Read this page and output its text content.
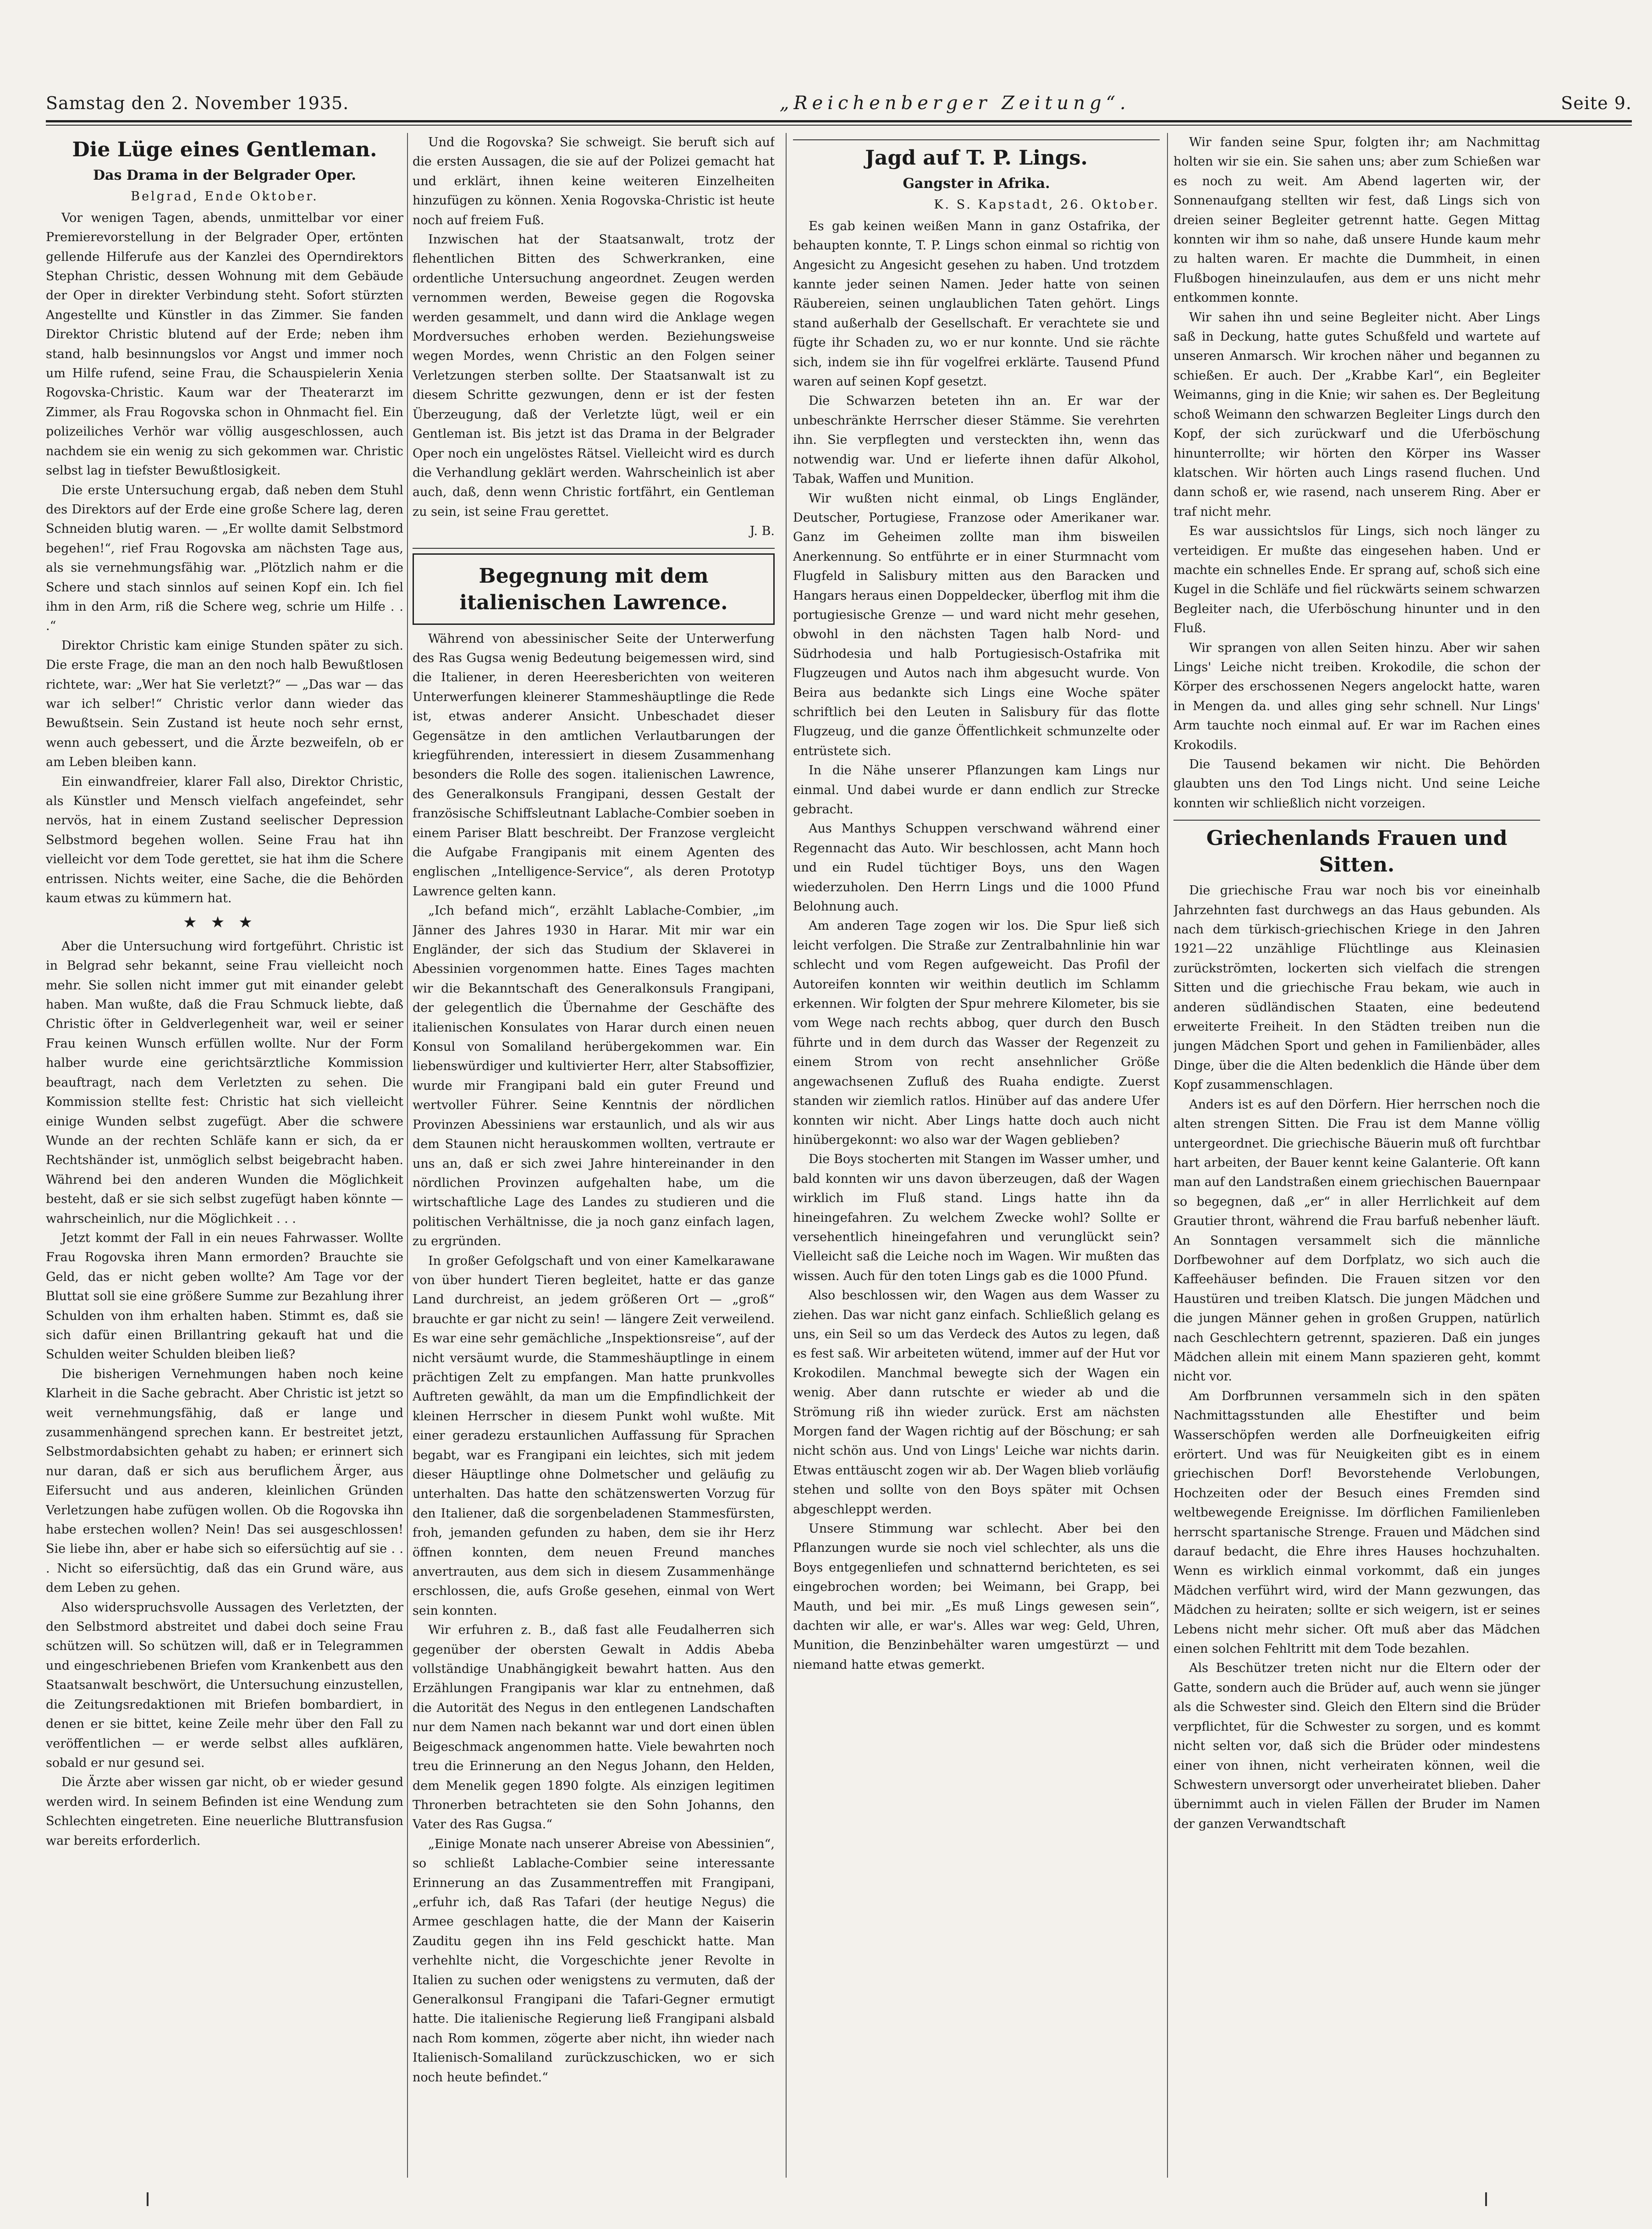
Samstag den 2. November 1935.	„Reichenberger Zeitung“.	Seite 9.
Die Lüge eines Gentleman.
Das Drama in der Belgrader Oper.
Belgrad, Ende Oktober.

Vor wenigen Tagen, abends, unmittelbar vor einer Premierevorstellung in der Belgrader Oper, ertönten gellende Hilferufe aus der Kanzlei des Operndirektors Stephan Christic, dessen Wohnung mit dem Gebäude der Oper in direkter Verbindung steht. Sofort stürzten Angestellte und Künstler in das Zimmer. Sie fanden Direktor Christic blutend auf der Erde; neben ihm stand, halb besinnungslos vor Angst und immer noch um Hilfe rufend, seine Frau, die Schauspielerin Xenia Rogovska-Christic. Kaum war der Theaterarzt im Zimmer, als Frau Rogovska schon in Ohnmacht fiel. Ein polizeiliches Verhör war völlig ausgeschlossen, auch nachdem sie ein wenig zu sich gekommen war. Christic selbst lag in tiefster Bewußtlosigkeit.

Die erste Untersuchung ergab, daß neben dem Stuhl des Direktors auf der Erde eine große Schere lag, deren Schneiden blutig waren. — „Er wollte damit Selbstmord begehen!“, rief Frau Rogovska am nächsten Tage aus, als sie vernehmungsfähig war. „Plötzlich nahm er die Schere und stach sinnlos auf seinen Kopf ein. Ich fiel ihm in den Arm, riß die Schere weg, schrie um Hilfe . . .“

Direktor Christic kam einige Stunden später zu sich. Die erste Frage, die man an den noch halb Bewußtlosen richtete, war: „Wer hat Sie verletzt?“ — „Das war — das war ich selber!“ Christic verlor dann wieder das Bewußtsein. Sein Zustand ist heute noch sehr ernst, wenn auch gebessert, und die Ärzte bezweifeln, ob er am Leben bleiben kann.

Ein einwandfreier, klarer Fall also, Direktor Christic, als Künstler und Mensch vielfach angefeindet, sehr nervös, hat in einem Zustand seelischer Depression Selbstmord begehen wollen. Seine Frau hat ihn vielleicht vor dem Tode gerettet, sie hat ihm die Schere entrissen. Nichts weiter, eine Sache, die die Behörden kaum etwas zu kümmern hat.

★★★

Aber die Untersuchung wird fortgeführt. Christic ist in Belgrad sehr bekannt, seine Frau vielleicht noch mehr. Sie sollen nicht immer gut mit einander gelebt haben. Man wußte, daß die Frau Schmuck liebte, daß Christic öfter in Geldverlegenheit war, weil er seiner Frau keinen Wunsch erfüllen wollte. Nur der Form halber wurde eine gerichtsärztliche Kommission beauftragt, nach dem Verletzten zu sehen. Die Kommission stellte fest: Christic hat sich vielleicht einige Wunden selbst zugefügt. Aber die schwere Wunde an der rechten Schläfe kann er sich, da er Rechtshänder ist, unmöglich selbst beigebracht haben. Während bei den anderen Wunden die Möglichkeit besteht, daß er sie sich selbst zugefügt haben könnte — wahrscheinlich, nur die Möglichkeit . . .

Jetzt kommt der Fall in ein neues Fahrwasser. Wollte Frau Rogovska ihren Mann ermorden? Brauchte sie Geld, das er nicht geben wollte? Am Tage vor der Bluttat soll sie eine größere Summe zur Bezahlung ihrer Schulden von ihm erhalten haben. Stimmt es, daß sie sich dafür einen Brillantring gekauft hat und die Schulden weiter Schulden bleiben ließ?

Die bisherigen Vernehmungen haben noch keine Klarheit in die Sache gebracht. Aber Christic ist jetzt so weit vernehmungsfähig, daß er lange und zusammenhängend sprechen kann. Er bestreitet jetzt, Selbstmordabsichten gehabt zu haben; er erinnert sich nur daran, daß er sich aus beruflichem Ärger, aus Eifersucht und aus anderen, kleinlichen Gründen Verletzungen habe zufügen wollen. Ob die Rogovska ihn habe erstechen wollen? Nein! Das sei ausgeschlossen! Sie liebe ihn, aber er habe sich so eifersüchtig auf sie . . . Nicht so eifersüchtig, daß das ein Grund wäre, aus dem Leben zu gehen.

Also widerspruchsvolle Aussagen des Verletzten, der den Selbstmord abstreitet und dabei doch seine Frau schützen will. So schützen will, daß er in Telegrammen und eingeschriebenen Briefen vom Krankenbett aus den Staatsanwalt beschwört, die Untersuchung einzustellen, die Zeitungsredaktionen mit Briefen bombardiert, in denen er sie bittet, keine Zeile mehr über den Fall zu veröffentlichen — er werde selbst alles aufklären, sobald er nur gesund sei.

Die Ärzte aber wissen gar nicht, ob er wieder gesund werden wird. In seinem Befinden ist eine Wendung zum Schlechten eingetreten. Eine neuerliche Bluttransfusion war bereits erforderlich.

Und die Rogovska? Sie schweigt. Sie beruft sich auf die ersten Aussagen, die sie auf der Polizei gemacht hat und erklärt, ihnen keine weiteren Einzelheiten hinzufügen zu können. Xenia Rogovska-Christic ist heute noch auf freiem Fuß.

Inzwischen hat der Staatsanwalt, trotz der flehentlichen Bitten des Schwerkranken, eine ordentliche Untersuchung angeordnet. Zeugen werden vernommen werden, Beweise gegen die Rogovska werden gesammelt, und dann wird die Anklage wegen Mordversuches erhoben werden. Beziehungsweise wegen Mordes, wenn Christic an den Folgen seiner Verletzungen sterben sollte. Der Staatsanwalt ist zu diesem Schritte gezwungen, denn er ist der festen Überzeugung, daß der Verletzte lügt, weil er ein Gentleman ist. Bis jetzt ist das Drama in der Belgrader Oper noch ein ungelöstes Rätsel. Vielleicht wird es durch die Verhandlung geklärt werden. Wahrscheinlich ist aber auch, daß, denn wenn Christic fortfährt, ein Gentleman zu sein, ist seine Frau gerettet.

J. B.
Begegnung mit dem italienischen Lawrence.

Während von abessinischer Seite der Unterwerfung des Ras Gugsa wenig Bedeutung beigemessen wird, sind die Italiener, in deren Heeresberichten von weiteren Unterwerfungen kleinerer Stammeshäuptlinge die Rede ist, etwas anderer Ansicht. Unbeschadet dieser Gegensätze in den amtlichen Verlautbarungen der kriegführenden, interessiert in diesem Zusammenhang besonders die Rolle des sogen. italienischen Lawrence, des Generalkonsuls Frangipani, dessen Gestalt der französische Schiffsleutnant Lablache-Combier soeben in einem Pariser Blatt beschreibt. Der Franzose vergleicht die Aufgabe Frangipanis mit einem Agenten des englischen „Intelligence-Service“, als deren Prototyp Lawrence gelten kann.

„Ich befand mich“, erzählt Lablache-Combier, „im Jänner des Jahres 1930 in Harar. Mit mir war ein Engländer, der sich das Studium der Sklaverei in Abessinien vorgenommen hatte. Eines Tages machten wir die Bekanntschaft des Generalkonsuls Frangipani, der gelegentlich die Übernahme der Geschäfte des italienischen Konsulates von Harar durch einen neuen Konsul von Somaliland herübergekommen war. Ein liebenswürdiger und kultivierter Herr, alter Stabsoffizier, wurde mir Frangipani bald ein guter Freund und wertvoller Führer. Seine Kenntnis der nördlichen Provinzen Abessiniens war erstaunlich, und als wir aus dem Staunen nicht herauskommen wollten, vertraute er uns an, daß er sich zwei Jahre hintereinander in den nördlichen Provinzen aufgehalten habe, um die wirtschaftliche Lage des Landes zu studieren und die politischen Verhältnisse, die ja noch ganz einfach lagen, zu ergründen.

In großer Gefolgschaft und von einer Kamelkarawane von über hundert Tieren begleitet, hatte er das ganze Land durchreist, an jedem größeren Ort — „groß“ brauchte er gar nicht zu sein! — längere Zeit verweilend. Es war eine sehr gemächliche „Inspektionsreise“, auf der nicht versäumt wurde, die Stammeshäuptlinge in einem prächtigen Zelt zu empfangen. Man hatte prunkvolles Auftreten gewählt, da man um die Empfindlichkeit der kleinen Herrscher in diesem Punkt wohl wußte. Mit einer geradezu erstaunlichen Auffassung für Sprachen begabt, war es Frangipani ein leichtes, sich mit jedem dieser Häuptlinge ohne Dolmetscher und geläufig zu unterhalten. Das hatte den schätzenswerten Vorzug für den Italiener, daß die sorgenbeladenen Stammesfürsten, froh, jemanden gefunden zu haben, dem sie ihr Herz öffnen konnten, dem neuen Freund manches anvertrauten, aus dem sich in diesem Zusammenhänge erschlossen, die, aufs Große gesehen, einmal von Wert sein konnten.

Wir erfuhren z. B., daß fast alle Feudalherren sich gegenüber der obersten Gewalt in Addis Abeba vollständige Unabhängigkeit bewahrt hatten. Aus den Erzählungen Frangipanis war klar zu entnehmen, daß die Autorität des Negus in den entlegenen Landschaften nur dem Namen nach bekannt war und dort einen üblen Beigeschmack angenommen hatte. Viele bewahrten noch treu die Erinnerung an den Negus Johann, den Helden, dem Menelik gegen 1890 folgte. Als einzigen legitimen Thronerben betrachteten sie den Sohn Johanns, den Vater des Ras Gugsa.“

„Einige Monate nach unserer Abreise von Abessinien“, so schließt Lablache-Combier seine interessante Erinnerung an das Zusammentreffen mit Frangipani, „erfuhr ich, daß Ras Tafari (der heutige Negus) die Armee geschlagen hatte, die der Mann der Kaiserin Zauditu gegen ihn ins Feld geschickt hatte. Man verhehlte nicht, die Vorgeschichte jener Revolte in Italien zu suchen oder wenigstens zu vermuten, daß der Generalkonsul Frangipani die Tafari-Gegner ermutigt hatte. Die italienische Regierung ließ Frangipani alsbald nach Rom kommen, zögerte aber nicht, ihn wieder nach Italienisch-Somaliland zurückzuschicken, wo er sich noch heute befindet.“

Jagd auf T. P. Lings.
Gangster in Afrika.
K. S. Kapstadt, 26. Oktober.

Es gab keinen weißen Mann in ganz Ostafrika, der behaupten konnte, T. P. Lings schon einmal so richtig von Angesicht zu Angesicht gesehen zu haben. Und trotzdem kannte jeder seinen Namen. Jeder hatte von seinen Räubereien, seinen unglaublichen Taten gehört. Lings stand außerhalb der Gesellschaft. Er verachtete sie und fügte ihr Schaden zu, wo er nur konnte. Und sie rächte sich, indem sie ihn für vogelfrei erklärte. Tausend Pfund waren auf seinen Kopf gesetzt.

Die Schwarzen beteten ihn an. Er war der unbeschränkte Herrscher dieser Stämme. Sie verehrten ihn. Sie verpflegten und versteckten ihn, wenn das notwendig war. Und er lieferte ihnen dafür Alkohol, Tabak, Waffen und Munition.

Wir wußten nicht einmal, ob Lings Engländer, Deutscher, Portugiese, Franzose oder Amerikaner war. Ganz im Geheimen zollte man ihm bisweilen Anerkennung. So entführte er in einer Sturmnacht vom Flugfeld in Salisbury mitten aus den Baracken und Hangars heraus einen Doppeldecker, überflog mit ihm die portugiesische Grenze — und ward nicht mehr gesehen, obwohl in den nächsten Tagen halb Nord- und Südrhodesia und halb Portugiesisch-Ostafrika mit Flugzeugen und Autos nach ihm abgesucht wurde. Von Beira aus bedankte sich Lings eine Woche später schriftlich bei den Leuten in Salisbury für das flotte Flugzeug, und die ganze Öffentlichkeit schmunzelte oder entrüstete sich.

In die Nähe unserer Pflanzungen kam Lings nur einmal. Und dabei wurde er dann endlich zur Strecke gebracht.

Aus Manthys Schuppen verschwand während einer Regennacht das Auto. Wir beschlossen, acht Mann hoch und ein Rudel tüchtiger Boys, uns den Wagen wiederzuholen. Den Herrn Lings und die 1000 Pfund Belohnung auch.

Am anderen Tage zogen wir los. Die Spur ließ sich leicht verfolgen. Die Straße zur Zentralbahnlinie hin war schlecht und vom Regen aufgeweicht. Das Profil der Autoreifen konnten wir weithin deutlich im Schlamm erkennen. Wir folgten der Spur mehrere Kilometer, bis sie vom Wege nach rechts abbog, quer durch den Busch führte und in dem durch das Wasser der Regenzeit zu einem Strom von recht ansehnlicher Größe angewachsenen Zufluß des Ruaha endigte. Zuerst standen wir ziemlich ratlos. Hinüber auf das andere Ufer konnten wir nicht. Aber Lings hatte doch auch nicht hinübergekonnt: wo also war der Wagen geblieben?

Die Boys stocherten mit Stangen im Wasser umher, und bald konnten wir uns davon überzeugen, daß der Wagen wirklich im Fluß stand. Lings hatte ihn da hineingefahren. Zu welchem Zwecke wohl? Sollte er versehentlich hineingefahren und verunglückt sein? Vielleicht saß die Leiche noch im Wagen. Wir mußten das wissen. Auch für den toten Lings gab es die 1000 Pfund.

Also beschlossen wir, den Wagen aus dem Wasser zu ziehen. Das war nicht ganz einfach. Schließlich gelang es uns, ein Seil so um das Verdeck des Autos zu legen, daß es fest saß. Wir arbeiteten wütend, immer auf der Hut vor Krokodilen. Manchmal bewegte sich der Wagen ein wenig. Aber dann rutschte er wieder ab und die Strömung riß ihn wieder zurück. Erst am nächsten Morgen fand der Wagen richtig auf der Böschung; er sah nicht schön aus. Und von Lings' Leiche war nichts darin. Etwas enttäuscht zogen wir ab. Der Wagen blieb vorläufig stehen und sollte von den Boys später mit Ochsen abgeschleppt werden.

Unsere Stimmung war schlecht. Aber bei den Pflanzungen wurde sie noch viel schlechter, als uns die Boys entgegenliefen und schnatternd berichteten, es sei eingebrochen worden; bei Weimann, bei Grapp, bei Mauth, und bei mir. „Es muß Lings gewesen sein“, dachten wir alle, er war's. Alles war weg: Geld, Uhren, Munition, die Benzinbehälter waren umgestürzt — und niemand hatte etwas gemerkt.

Wir fanden seine Spur, folgten ihr; am Nachmittag holten wir sie ein. Sie sahen uns; aber zum Schießen war es noch zu weit. Am Abend lagerten wir, der Sonnenaufgang stellten wir fest, daß Lings sich von dreien seiner Begleiter getrennt hatte. Gegen Mittag konnten wir ihm so nahe, daß unsere Hunde kaum mehr zu halten waren. Er machte die Dummheit, in einen Flußbogen hineinzulaufen, aus dem er uns nicht mehr entkommen konnte.

Wir sahen ihn und seine Begleiter nicht. Aber Lings saß in Deckung, hatte gutes Schußfeld und wartete auf unseren Anmarsch. Wir krochen näher und begannen zu schießen. Er auch. Der „Krabbe Karl“, ein Begleiter Weimanns, ging in die Knie; wir sahen es. Der Begleitung schoß Weimann den schwarzen Begleiter Lings durch den Kopf, der sich zurückwarf und die Uferböschung hinunterrollte; wir hörten den Körper ins Wasser klatschen. Wir hörten auch Lings rasend fluchen. Und dann schoß er, wie rasend, nach unserem Ring. Aber er traf nicht mehr.

Es war aussichtslos für Lings, sich noch länger zu verteidigen. Er mußte das eingesehen haben. Und er machte ein schnelles Ende. Er sprang auf, schoß sich eine Kugel in die Schläfe und fiel rückwärts seinem schwarzen Begleiter nach, die Uferböschung hinunter und in den Fluß.

Wir sprangen von allen Seiten hinzu. Aber wir sahen Lings' Leiche nicht treiben. Krokodile, die schon der Körper des erschossenen Negers angelockt hatte, waren in Mengen da. und alles ging sehr schnell. Nur Lings' Arm tauchte noch einmal auf. Er war im Rachen eines Krokodils.

Die Tausend bekamen wir nicht. Die Behörden glaubten uns den Tod Lings nicht. Und seine Leiche konnten wir schließlich nicht vorzeigen.

Griechenlands Frauen und Sitten.

Die griechische Frau war noch bis vor eineinhalb Jahrzehnten fast durchwegs an das Haus gebunden. Als nach dem türkisch-griechischen Kriege in den Jahren 1921—22 unzählige Flüchtlinge aus Kleinasien zurückströmten, lockerten sich vielfach die strengen Sitten und die griechische Frau bekam, wie auch in anderen südländischen Staaten, eine bedeutend erweiterte Freiheit. In den Städten treiben nun die jungen Mädchen Sport und gehen in Familienbäder, alles Dinge, über die die Alten bedenklich die Hände über dem Kopf zusammenschlagen.

Anders ist es auf den Dörfern. Hier herrschen noch die alten strengen Sitten. Die Frau ist dem Manne völlig untergeordnet. Die griechische Bäuerin muß oft furchtbar hart arbeiten, der Bauer kennt keine Galanterie. Oft kann man auf den Landstraßen einem griechischen Bauernpaar so begegnen, daß „er“ in aller Herrlichkeit auf dem Grautier thront, während die Frau barfuß nebenher läuft. An Sonntagen versammelt sich die männliche Dorfbewohner auf dem Dorfplatz, wo sich auch die Kaffeehäuser befinden. Die Frauen sitzen vor den Haustüren und treiben Klatsch. Die jungen Mädchen und die jungen Männer gehen in großen Gruppen, natürlich nach Geschlechtern getrennt, spazieren. Daß ein junges Mädchen allein mit einem Mann spazieren geht, kommt nicht vor.

Am Dorfbrunnen versammeln sich in den späten Nachmittagsstunden alle Ehestifter und beim Wasserschöpfen werden alle Dorfneuigkeiten eifrig erörtert. Und was für Neuigkeiten gibt es in einem griechischen Dorf! Bevorstehende Verlobungen, Hochzeiten oder der Besuch eines Fremden sind weltbewegende Ereignisse. Im dörflichen Familienleben herrscht spartanische Strenge. Frauen und Mädchen sind darauf bedacht, die Ehre ihres Hauses hochzuhalten. Wenn es wirklich einmal vorkommt, daß ein junges Mädchen verführt wird, wird der Mann gezwungen, das Mädchen zu heiraten; sollte er sich weigern, ist er seines Lebens nicht mehr sicher. Oft muß aber das Mädchen einen solchen Fehltritt mit dem Tode bezahlen.

Als Beschützer treten nicht nur die Eltern oder der Gatte, sondern auch die Brüder auf, auch wenn sie jünger als die Schwester sind. Gleich den Eltern sind die Brüder verpflichtet, für die Schwester zu sorgen, und es kommt nicht selten vor, daß sich die Brüder oder mindestens einer von ihnen, nicht verheiraten können, weil die Schwestern unversorgt oder unverheiratet blieben. Daher übernimmt auch in vielen Fällen der Bruder im Namen der ganzen Verwandtschaft
